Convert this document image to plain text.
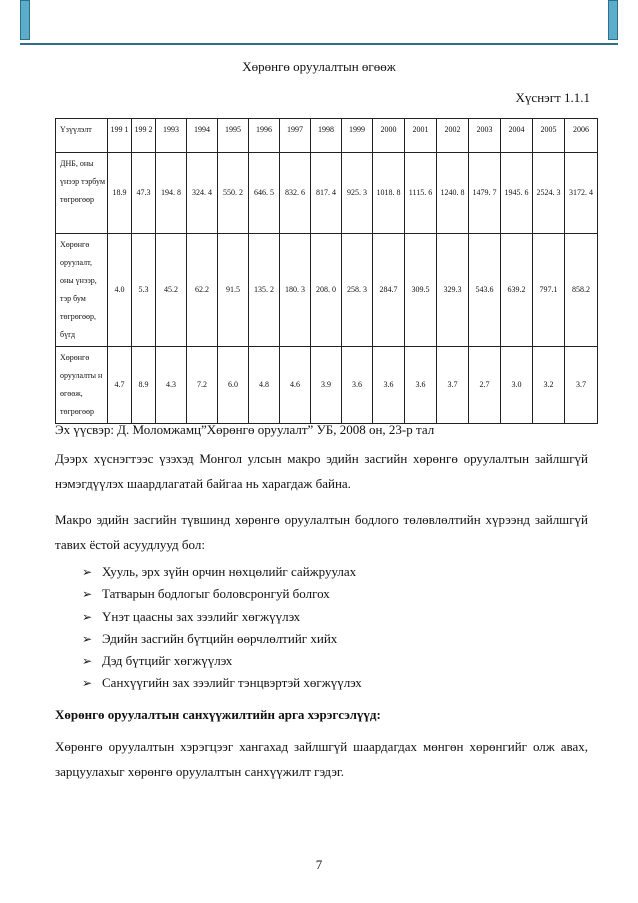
Хөрөнгө оруулалтын өгөөж
Хүснэгт 1.1.1
Үзүүлэлт	199 1	199 2	1993	1994	1995	1996	1997	1998	1999	2000	2001	2002	2003	2004	2005	2006
ДНБ, оны үнээр тэрбум төгрөгөөр	18.9	47.3	194. 8	324. 4	550. 2	646. 5	832. 6	817. 4	925. 3	1018. 8	1115. 6	1240. 8	1479. 7	1945. 6	2524. 3	3172. 4
Хөрөнгө оруулалт, оны үнээр, тэр бум төгрөгөөр, бүгд	4.0	5.3	45.2	62.2	91.5	135. 2	180. 3	208. 0	258. 3	284.7	309.5	329.3	543.6	639.2	797.1	858.2
Хөрөнгө оруулалты н өгөөж, төгрөгөөр	4.7	8.9	4.3	7.2	6.0	4.8	4.6	3.9	3.6	3.6	3.6	3.7	2.7	3.0	3.2	3.7
Эх үүсвэр: Д. Моломжамц”Хөрөнгө оруулалт” УБ, 2008 он, 23-р тал
Дээрх хүснэгтээс үзэхэд Монгол улсын макро эдийн засгийн хөрөнгө оруулалтын зайлшгүй нэмэгдүүлэх шаардлагатай байгаа нь харагдаж байна.
Макро эдийн засгийн түвшинд хөрөнгө оруулалтын бодлого төлөвлөлтийн хүрээнд зайлшгүй тавих ёстой асуудлууд бол:
➢ Хууль, эрх зүйн орчин нөхцөлийг сайжруулах
➢ Татварын бодлогыг боловсронгуй болгох
➢ Үнэт цаасны зах зээлийг хөгжүүлэх
➢ Эдийн засгийн бүтцийн өөрчлөлтийг хийх
➢ Дэд бүтцийг хөгжүүлэх
➢ Санхүүгийн зах зээлийг тэнцвэртэй хөгжүүлэх
Хөрөнгө оруулалтын санхүүжилтийн арга хэрэгсэлүүд:
Хөрөнгө оруулалтын хэрэгцээг хангахад зайлшгүй шаардагдах мөнгөн хөрөнгийг олж авах, зарцуулахыг хөрөнгө оруулалтын санхүүжилт гэдэг.
7
